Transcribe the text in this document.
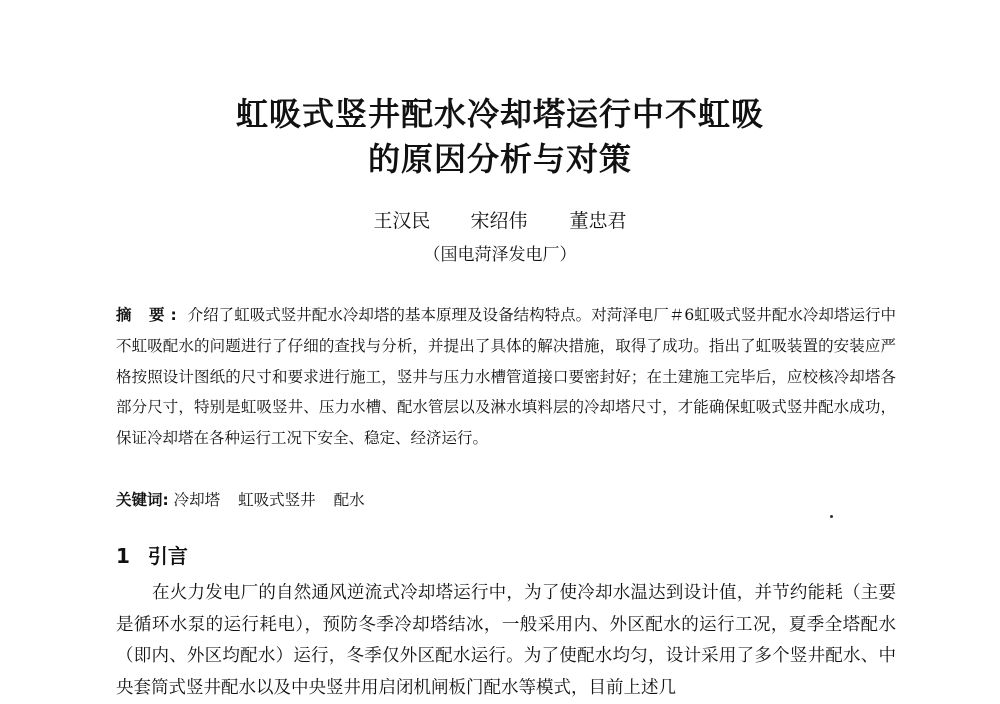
虹吸式竖井配水冷却塔运行中不虹吸
的原因分析与对策
王汉民 宋绍伟 董忠君
（国电菏泽发电厂）

摘 要: 介绍了虹吸式竖井配水冷却塔的基本原理及设备结构特点。对菏泽电厂＃6虹吸式竖井配水冷却塔运行中不虹吸配水的问题进行了仔细的查找与分析，并提出了具体的解决措施，取得了成功。指出了虹吸装置的安装应严格按照设计图纸的尺寸和要求进行施工，竖井与压力水槽管道接口要密封好；在土建施工完毕后，应校核冷却塔各部分尺寸，特别是虹吸竖井、压力水槽、配水管层以及淋水填料层的冷却塔尺寸，才能确保虹吸式竖井配水成功，保证冷却塔在各种运行工况下安全、稳定、经济运行。

关键词: 冷却塔 虹吸式竖井 配水

1 引言

在火力发电厂的自然通风逆流式冷却塔运行中，为了使冷却水温达到设计值，并节约能耗（主要是循环水泵的运行耗电），预防冬季冷却塔结冰，一般采用内、外区配水的运行工况，夏季全塔配水（即内、外区均配水）运行，冬季仅外区配水运行。为了使配水均匀，设计采用了多个竖井配水、中央套筒式竖井配水以及中央竖井用启闭机闸板门配水等模式，目前上述几
